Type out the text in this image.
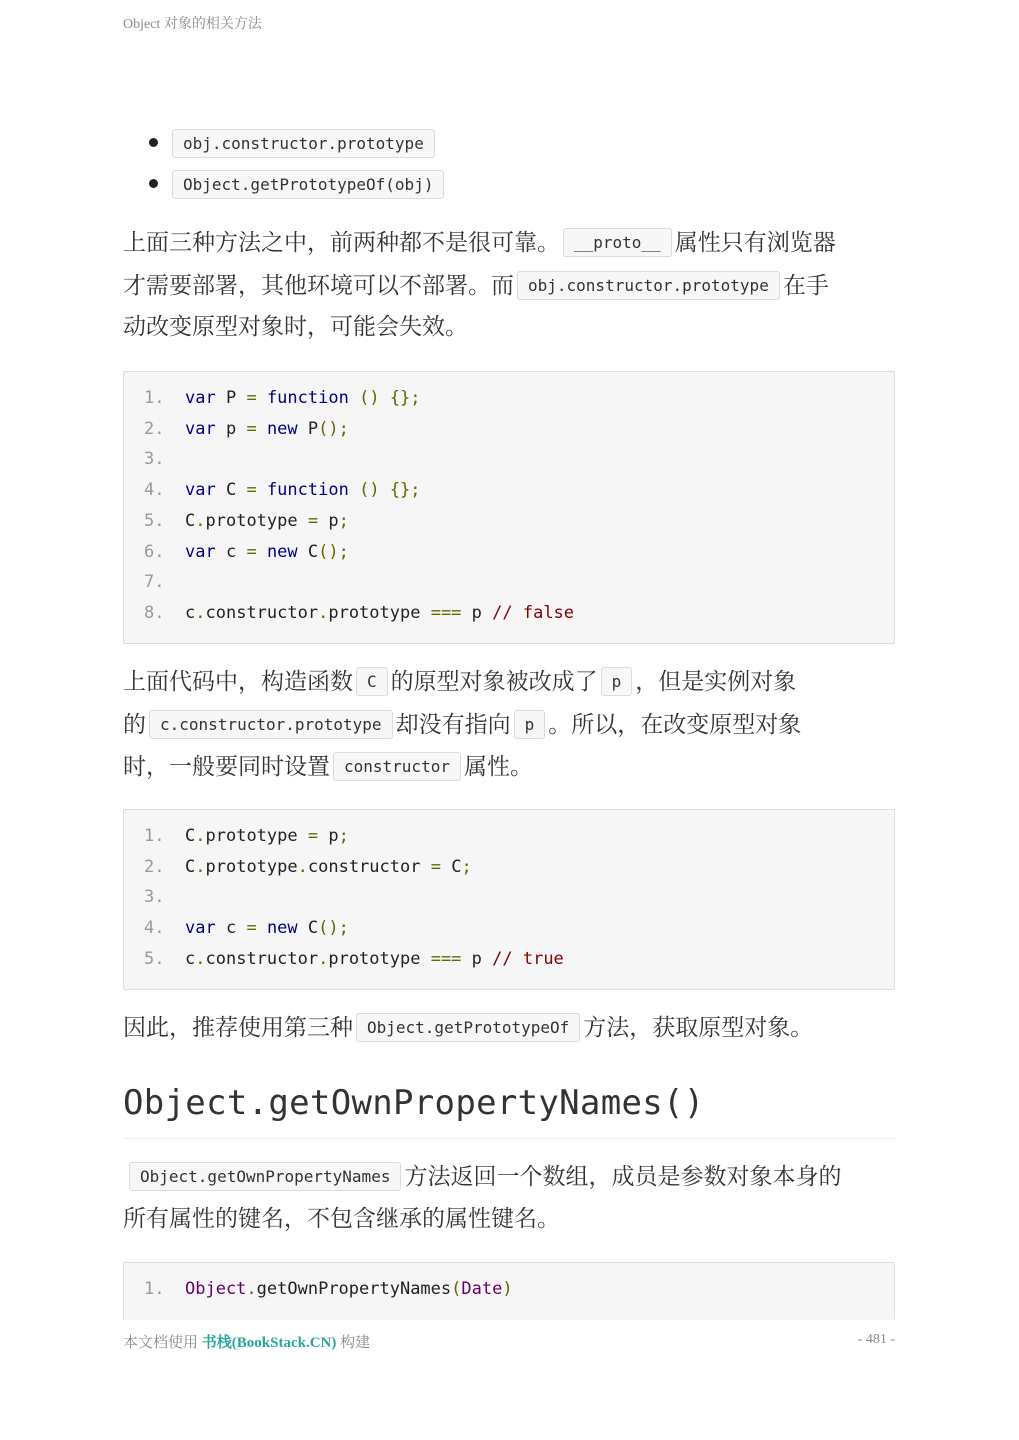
Object 对象的相关方法
obj.constructor.prototype
Object.getPrototypeOf(obj)
上面三种方法之中，前两种都不是很可靠。 __proto__ 属性只有浏览器
才需要部署，其他环境可以不部署。而 obj.constructor.prototype 在手
动改变原型对象时，可能会失效。
1. var P = function () {};
2. var p = new P();
3.
4. var C = function () {};
5. C.prototype = p;
6. var c = new C();
7.
8. c.constructor.prototype === p // false
上面代码中，构造函数 C 的原型对象被改成了 p ，但是实例对象
的 c.constructor.prototype 却没有指向 p 。所以，在改变原型对象
时，一般要同时设置 constructor 属性。
1. C.prototype = p;
2. C.prototype.constructor = C;
3.
4. var c = new C();
5. c.constructor.prototype === p // true
因此，推荐使用第三种 Object.getPrototypeOf 方法，获取原型对象。
Object.getOwnPropertyNames()
Object.getOwnPropertyNames 方法返回一个数组，成员是参数对象本身的
所有属性的键名，不包含继承的属性键名。
1. Object.getOwnPropertyNames(Date)
本文档使用 书栈(BookStack.CN) 构建	- 481 -
